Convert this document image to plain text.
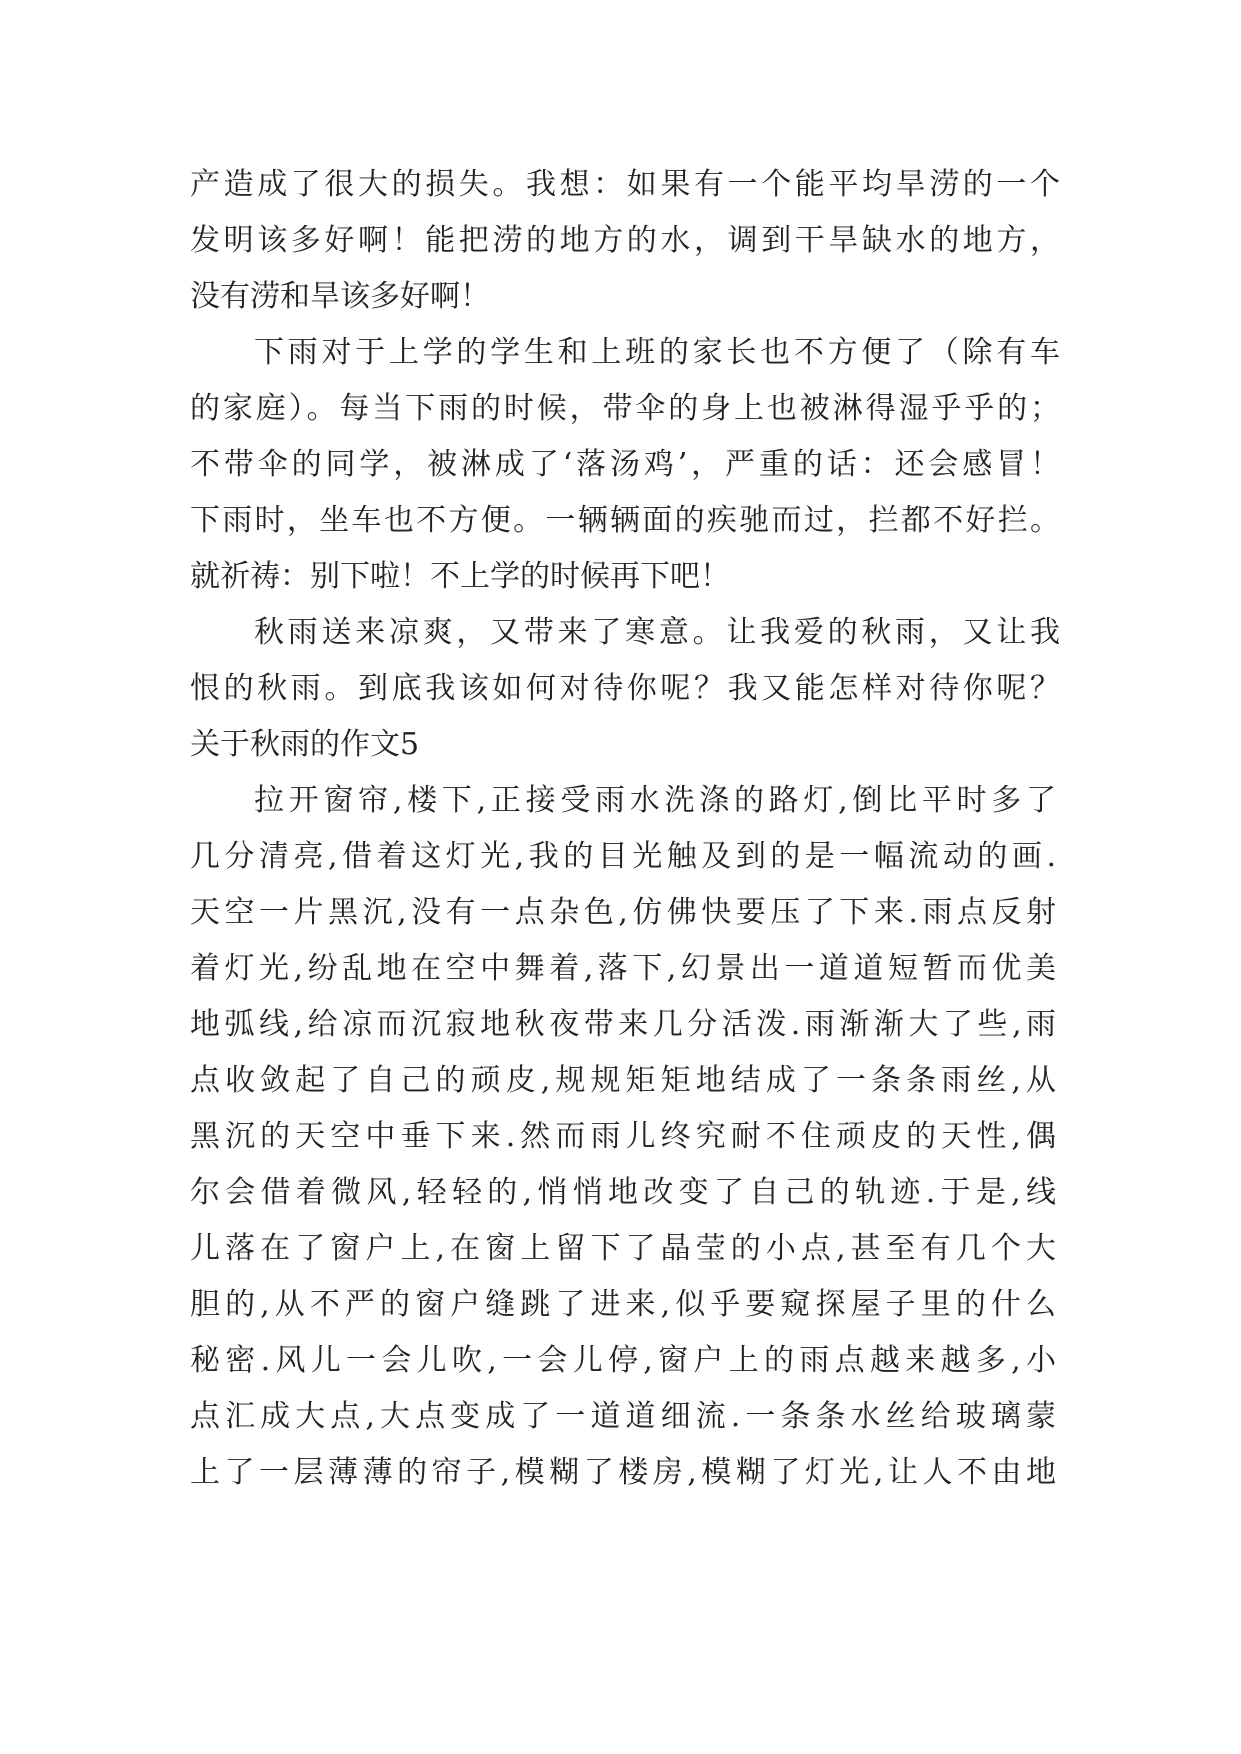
产造成了很大的损失。我想：如果有一个能平均旱涝的一个
发明该多好啊！能把涝的地方的水，调到干旱缺水的地方，
没有涝和旱该多好啊！
下雨对于上学的学生和上班的家长也不方便了（除有车
的家庭）。每当下雨的时候，带伞的身上也被淋得湿乎乎的；
不带伞的同学，被淋成了‘落汤鸡’，严重的话：还会感冒！
下雨时，坐车也不方便。一辆辆面的疾驰而过，拦都不好拦。
就祈祷：别下啦！不上学的时候再下吧！
秋雨送来凉爽，又带来了寒意。让我爱的秋雨，又让我
恨的秋雨。到底我该如何对待你呢？我又能怎样对待你呢？
关于秋雨的作文5
拉开窗帘,楼下,正接受雨水洗涤的路灯,倒比平时多了
几分清亮,借着这灯光,我的目光触及到的是一幅流动的画.
天空一片黑沉,没有一点杂色,仿佛快要压了下来.雨点反射
着灯光,纷乱地在空中舞着,落下,幻景出一道道短暂而优美
地弧线,给凉而沉寂地秋夜带来几分活泼.雨渐渐大了些,雨
点收敛起了自己的顽皮,规规矩矩地结成了一条条雨丝,从
黑沉的天空中垂下来.然而雨儿终究耐不住顽皮的天性,偶
尔会借着微风,轻轻的,悄悄地改变了自己的轨迹.于是,线
儿落在了窗户上,在窗上留下了晶莹的小点,甚至有几个大
胆的,从不严的窗户缝跳了进来,似乎要窥探屋子里的什么
秘密.风儿一会儿吹,一会儿停,窗户上的雨点越来越多,小
点汇成大点,大点变成了一道道细流.一条条水丝给玻璃蒙
上了一层薄薄的帘子,模糊了楼房,模糊了灯光,让人不由地
